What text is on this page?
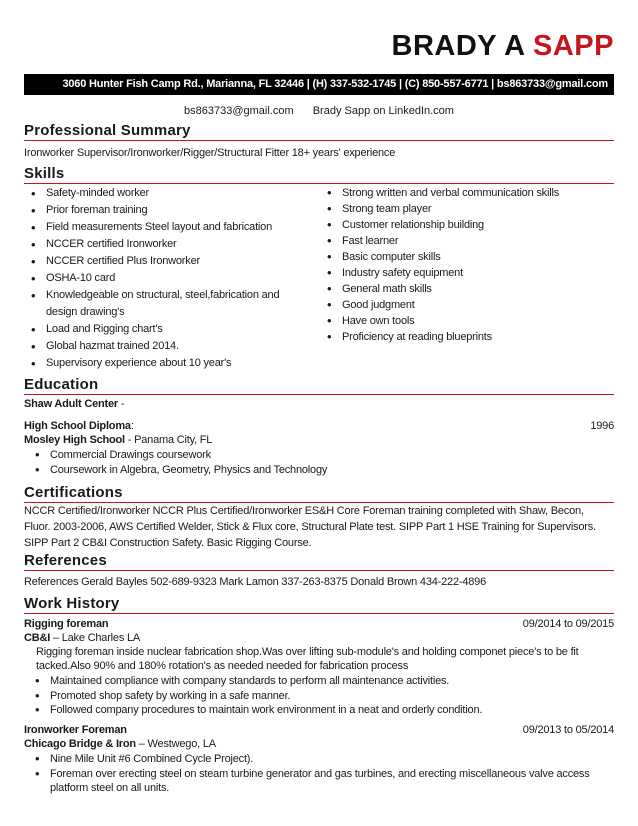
BRADY A SAPP
3060 Hunter Fish Camp Rd., Marianna, FL 32446 | (H) 337-532-1745 | (C) 850-557-6771 | bs863733@gmail.com
bs863733@gmail.com Brady Sapp on LinkedIn.com
Professional Summary
Ironworker Supervisor/Ironworker/Rigger/Structural Fitter 18+ years' experience
Skills
• Safety-minded worker
• Prior foreman training
• Field measurements Steel layout and fabrication
• NCCER certified Ironworker
• NCCER certified Plus Ironworker
• OSHA-10 card
• Knowledgeable on structural, steel,fabrication and
design drawing's
• Load and Rigging chart's
• Global hazmat trained 2014.
• Supervisory experience about 10 year's
• Strong written and verbal communication skills
• Strong team player
• Customer relationship building
• Fast learner
• Basic computer skills
• Industry safety equipment
• General math skills
• Good judgment
• Have own tools
• Proficiency at reading blueprints
Education
Shaw Adult Center -
High School Diploma:	1996
Mosley High School - Panama City, FL
• Commercial Drawings coursework
• Coursework in Algebra, Geometry, Physics and Technology
Certifications
NCCR Certified/Ironworker NCCR Plus Certified/Ironworker ES&H Core Foreman training completed with Shaw, Becon,
Fluor. 2003-2006, AWS Certified Welder, Stick & Flux core, Structural Plate test. SIPP Part 1 HSE Training for Supervisors.
SIPP Part 2 CB&I Construction Safety. Basic Rigging Course.
References
References Gerald Bayles 502-689-9323 Mark Lamon 337-263-8375 Donald Brown 434-222-4896
Work History
Rigging foreman	09/2014 to 09/2015
CB&I – Lake Charles LA
Rigging foreman inside nuclear fabrication shop.Was over lifting sub-module's and holding componet piece's to be fit
tacked.Also 90% and 180% rotation's as needed needed for fabrication process
• Maintained compliance with company standards to perform all maintenance activities.
• Promoted shop safety by working in a safe manner.
• Followed company procedures to maintain work environment in a neat and orderly condition.
Ironworker Foreman	09/2013 to 05/2014
Chicago Bridge & Iron – Westwego, LA
• Nine Mile Unit #6 Combined Cycle Project).
• Foreman over erecting steel on steam turbine generator and gas turbines, and erecting miscellaneous valve access
platform steel on all units.
